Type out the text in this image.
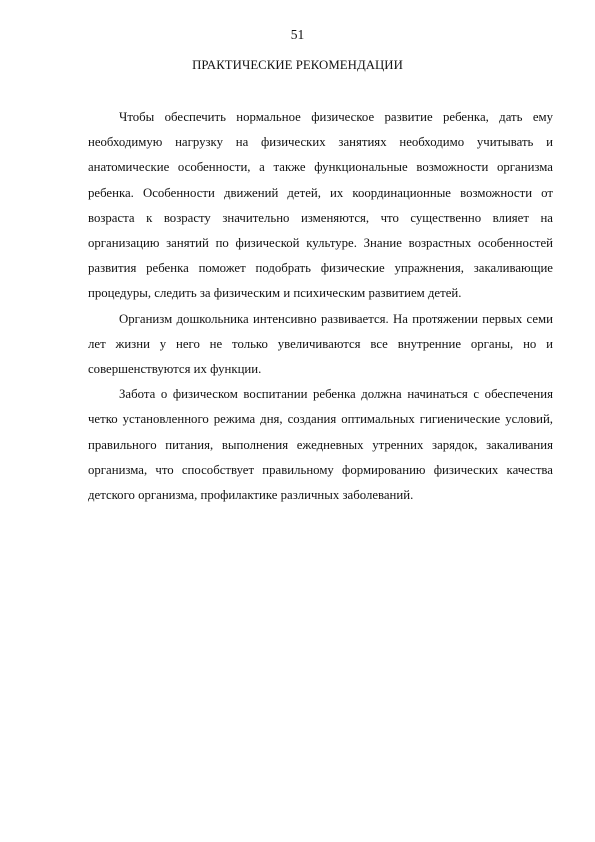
51
ПРАКТИЧЕСКИЕ РЕКОМЕНДАЦИИ

Чтобы обеспечить нормальное физическое развитие ребенка, дать ему необходимую нагрузку на физических занятиях необходимо учитывать и анатомические особенности, а также функциональные возможности организма ребенка. Особенности движений детей, их координационные возможности от возраста к возрасту значительно изменяются, что существенно влияет на организацию занятий по физической культуре. Знание возрастных особенностей развития ребенка поможет подобрать физические упражнения, закаливающие процедуры, следить за физическим и психическим развитием детей.

Организм дошкольника интенсивно развивается. На протяжении первых семи лет жизни у него не только увеличиваются все внутренние органы, но и совершенствуются их функции.

Забота о физическом воспитании ребенка должна начинаться с обеспечения четко установленного режима дня, создания оптимальных гигиенические условий, правильного питания, выполнения ежедневных утренних зарядок, закаливания организма, что способствует правильному формированию физических качества детского организма, профилактике различных заболеваний.
